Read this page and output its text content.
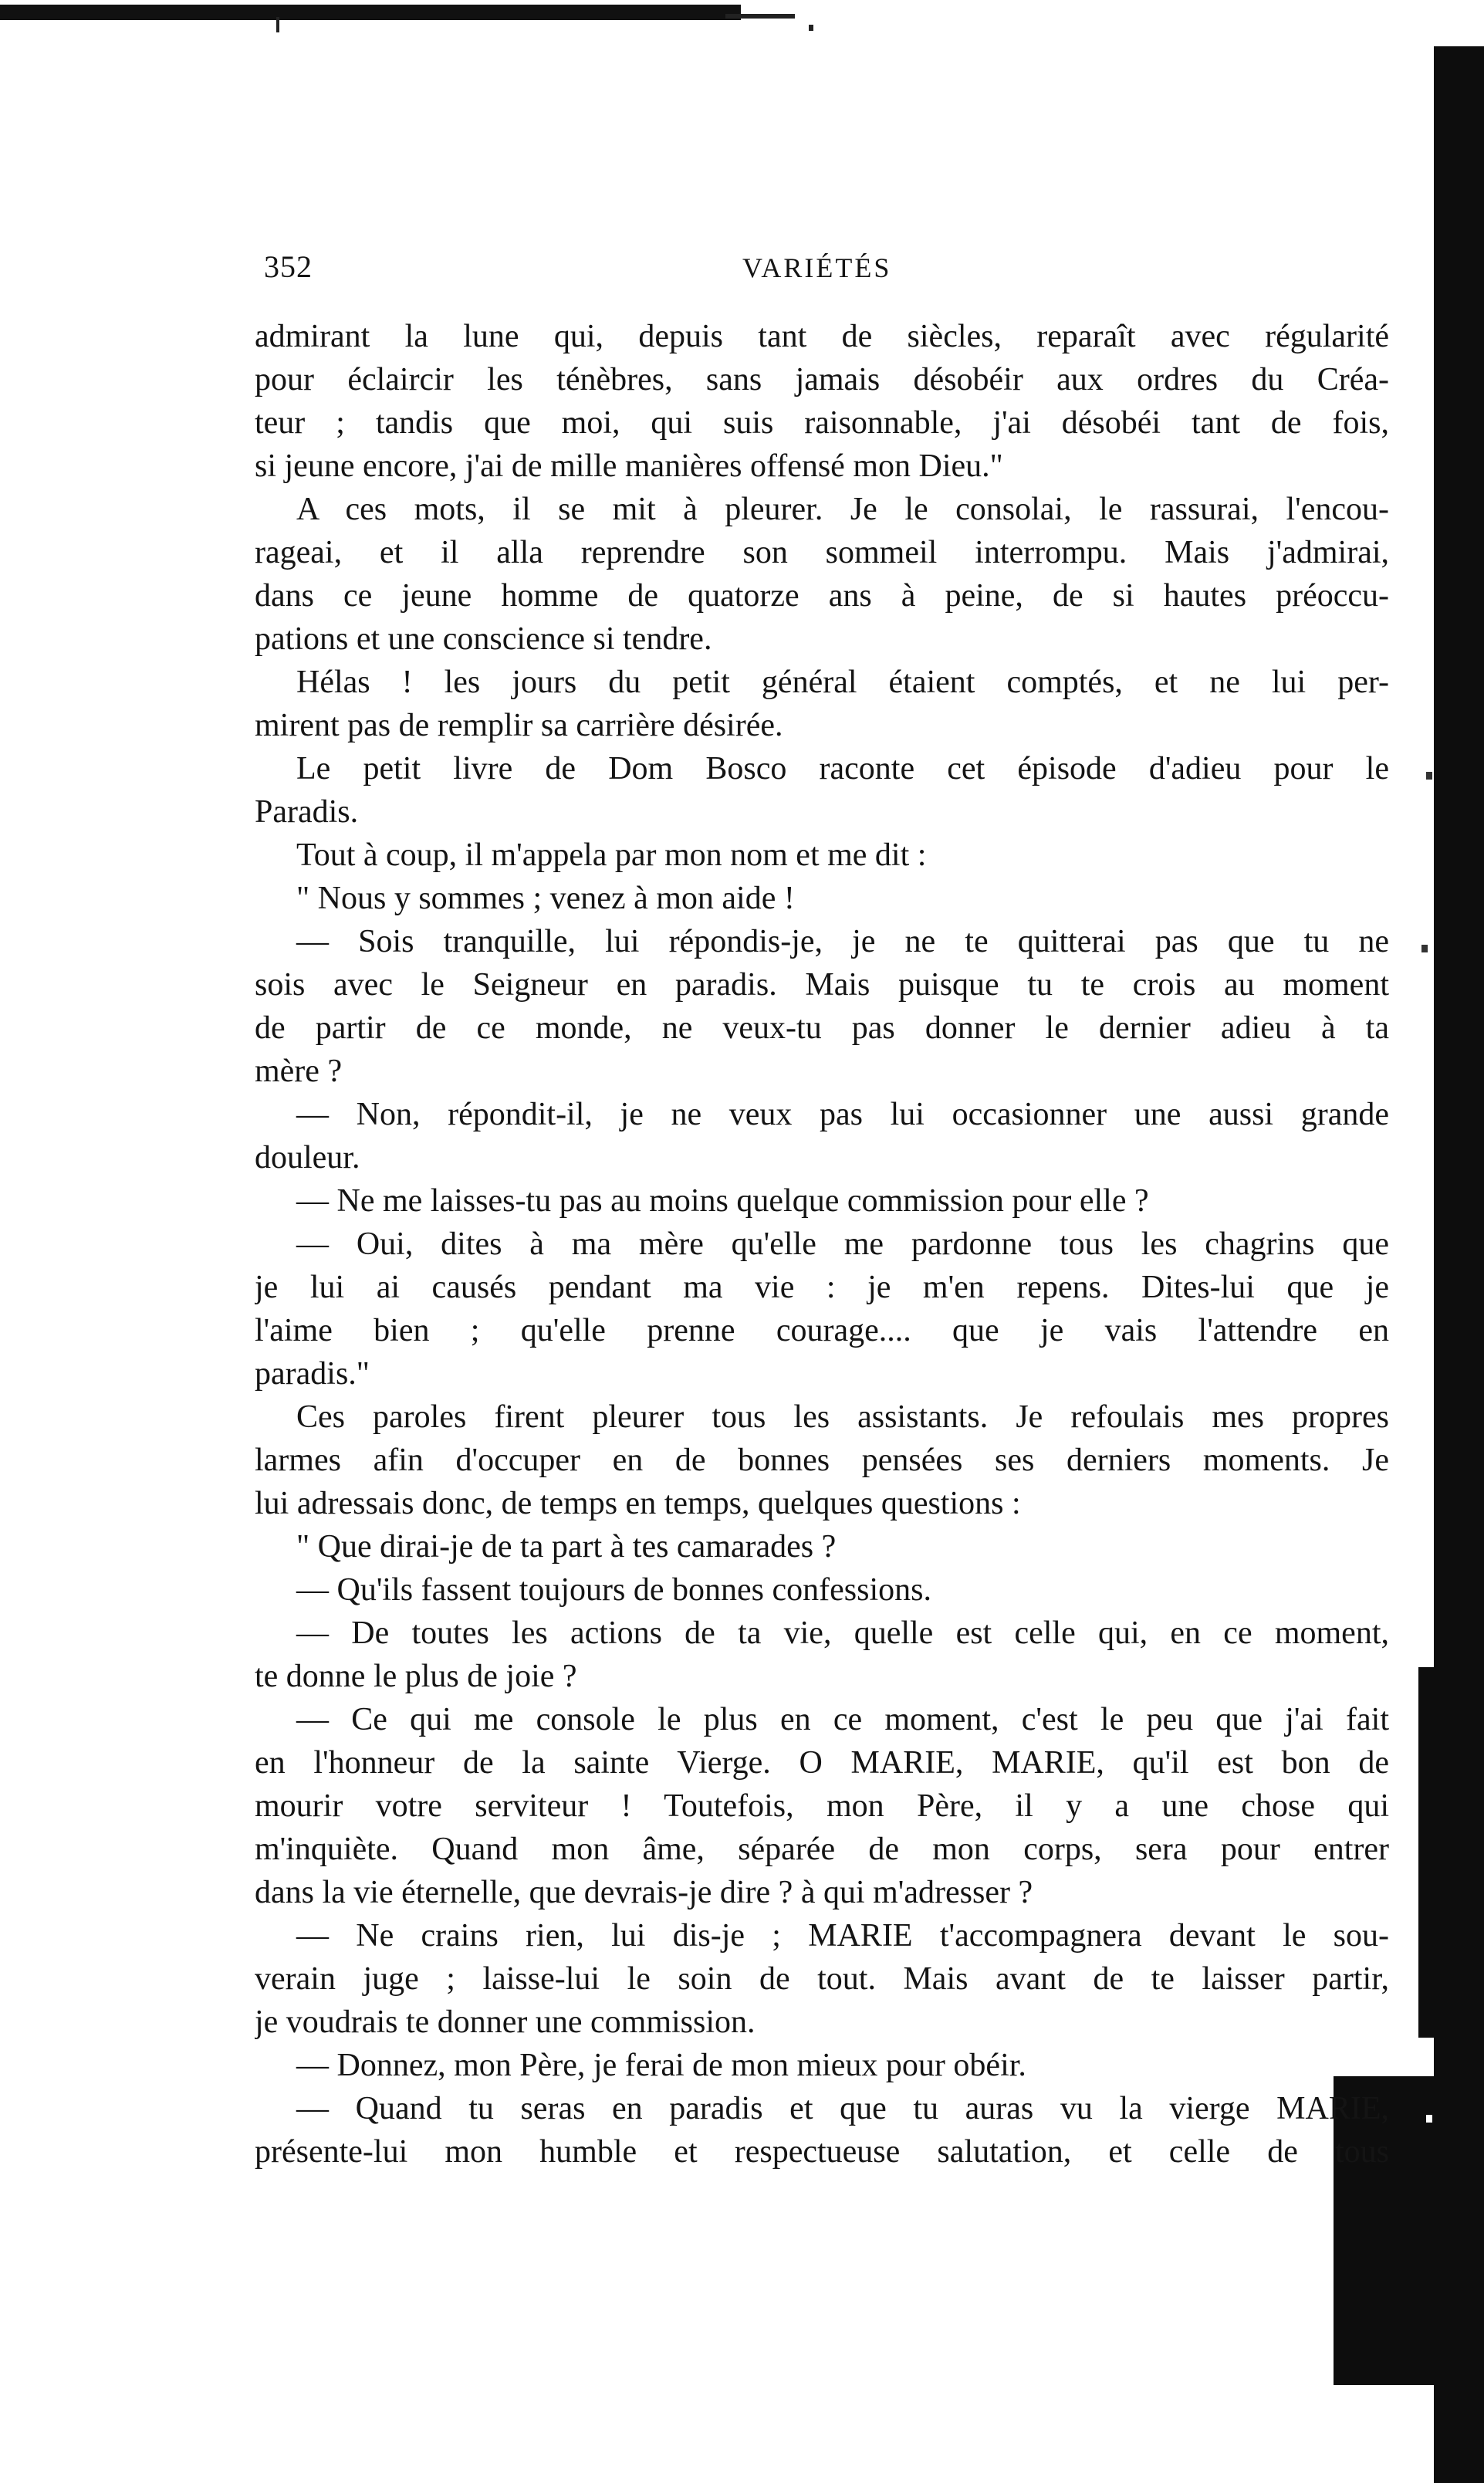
352	VARIÉTÉS
admirant la lune qui, depuis tant de siècles, reparaît avec régularité
pour éclaircir les ténèbres, sans jamais désobéir aux ordres du Créa-
teur ; tandis que moi, qui suis raisonnable, j'ai désobéi tant de fois,
si jeune encore, j'ai de mille manières offensé mon Dieu."
A ces mots, il se mit à pleurer. Je le consolai, le rassurai, l'encou-
rageai, et il alla reprendre son sommeil interrompu. Mais j'admirai,
dans ce jeune homme de quatorze ans à peine, de si hautes préoccu-
pations et une conscience si tendre.
Hélas ! les jours du petit général étaient comptés, et ne lui per-
mirent pas de remplir sa carrière désirée.
Le petit livre de Dom Bosco raconte cet épisode d'adieu pour le
Paradis.
Tout à coup, il m'appela par mon nom et me dit :
" Nous y sommes ; venez à mon aide !
— Sois tranquille, lui répondis-je, je ne te quitterai pas que tu ne
sois avec le Seigneur en paradis. Mais puisque tu te crois au moment
de partir de ce monde, ne veux-tu pas donner le dernier adieu à ta
mère ?
— Non, répondit-il, je ne veux pas lui occasionner une aussi grande
douleur.
— Ne me laisses-tu pas au moins quelque commission pour elle ?
— Oui, dites à ma mère qu'elle me pardonne tous les chagrins que
je lui ai causés pendant ma vie : je m'en repens. Dites-lui que je
l'aime bien ; qu'elle prenne courage.... que je vais l'attendre en
paradis."
Ces paroles firent pleurer tous les assistants. Je refoulais mes propres
larmes afin d'occuper en de bonnes pensées ses derniers moments. Je
lui adressais donc, de temps en temps, quelques questions :
" Que dirai-je de ta part à tes camarades ?
— Qu'ils fassent toujours de bonnes confessions.
— De toutes les actions de ta vie, quelle est celle qui, en ce moment,
te donne le plus de joie ?
— Ce qui me console le plus en ce moment, c'est le peu que j'ai fait
en l'honneur de la sainte Vierge. O MARIE, MARIE, qu'il est bon de
mourir votre serviteur ! Toutefois, mon Père, il y a une chose qui
m'inquiète. Quand mon âme, séparée de mon corps, sera pour entrer
dans la vie éternelle, que devrais-je dire ? à qui m'adresser ?
— Ne crains rien, lui dis-je ; MARIE t'accompagnera devant le sou-
verain juge ; laisse-lui le soin de tout. Mais avant de te laisser partir,
je voudrais te donner une commission.
— Donnez, mon Père, je ferai de mon mieux pour obéir.
— Quand tu seras en paradis et que tu auras vu la vierge MARIE,
présente-lui mon humble et respectueuse salutation, et celle de tous
